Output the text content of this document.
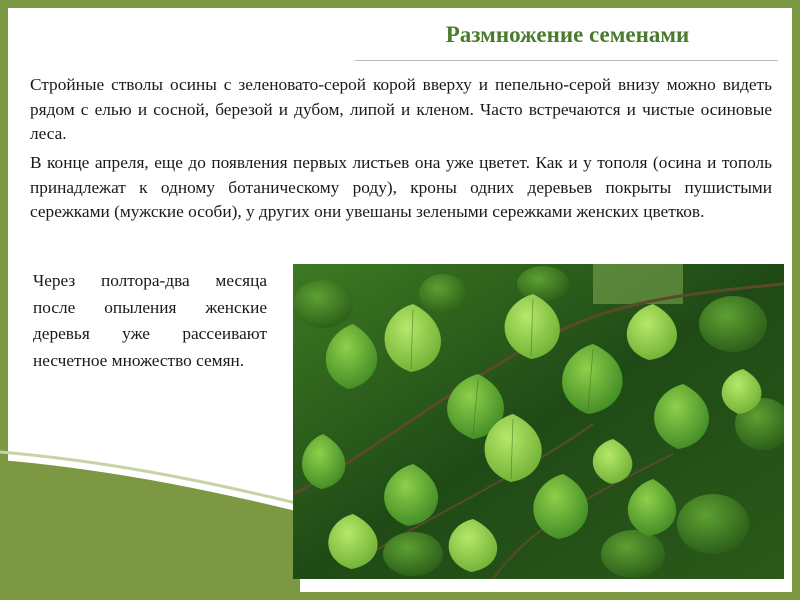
Размножение семенами

Стройные стволы осины с зеленовато-серой корой вверху и пепельно-серой внизу можно видеть рядом с елью и сосной, березой и дубом, липой и кленом. Часто встречаются и чистые осиновые леса.

В конце апреля, еще до появления первых листьев она уже цветет. Как и у тополя (осина и тополь принадлежат к одному ботаническому роду), кроны одних деревьев покрыты пушистыми сережками (мужские особи), у других они увешаны зелеными сережками женских цветков.

Через полтора-два месяца после опыления женские деревья уже рассеивают несчетное множество семян.
